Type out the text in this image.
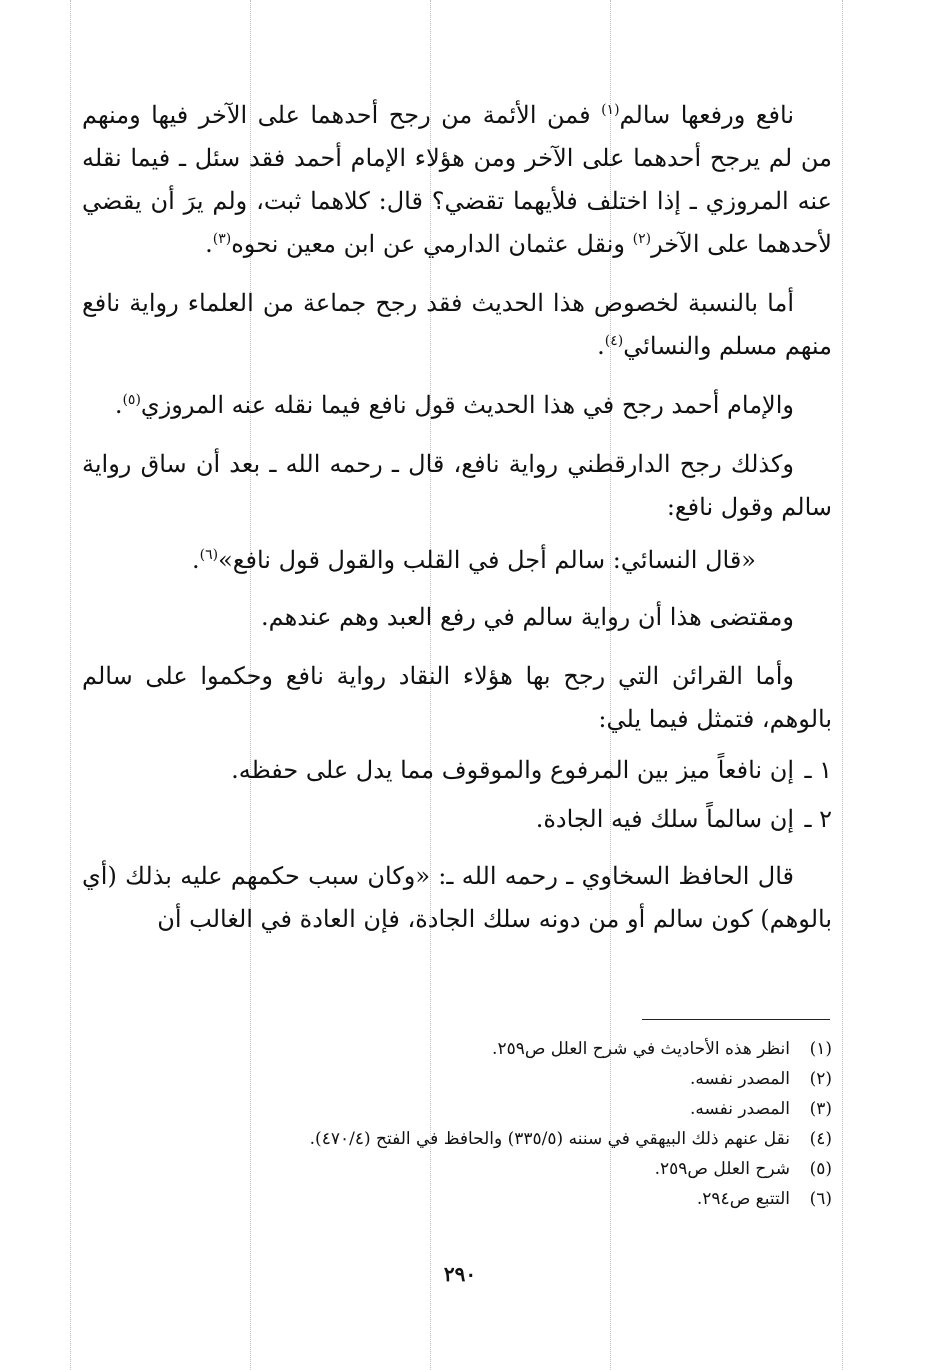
نافع ورفعها سالم$^{(١)}$ فمن الأئمة من رجح أحدهما على الآخر فيها ومنهم من لم يرجح أحدهما على الآخر ومن هؤلاء الإمام أحمد فقد سئل ـ فيما نقله عنه المروزي ـ إذا اختلف فلأيهما تقضي؟ قال: كلاهما ثبت، ولم يرَ أن يقضي لأحدهما على الآخر$^{(٢)}$ ونقل عثمان الدارمي عن ابن معين نحوه$^{(٣)}$.

أما بالنسبة لخصوص هذا الحديث فقد رجح جماعة من العلماء رواية نافع منهم مسلم والنسائي$^{(٤)}$.

والإمام أحمد رجح في هذا الحديث قول نافع فيما نقله عنه المروزي$^{(٥)}$.

وكذلك رجح الدارقطني رواية نافع، قال ـ رحمه الله ـ بعد أن ساق رواية سالم وقول نافع:

«قال النسائي: سالم أجل في القلب والقول قول نافع»$^{(٦)}$.

ومقتضى هذا أن رواية سالم في رفع العبد وهم عندهم.

وأما القرائن التي رجح بها هؤلاء النقاد رواية نافع وحكموا على سالم بالوهم، فتمثل فيما يلي:

١ ـإن نافعاً ميز بين المرفوع والموقوف مما يدل على حفظه.

٢ ـإن سالماً سلك فيه الجادة.

قال الحافظ السخاوي ـ رحمه الله ـ: «وكان سبب حكمهم عليه بذلك (أي بالوهم) كون سالم أو من دونه سلك الجادة، فإن العادة في الغالب أن

(١)انظر هذه الأحاديث في شرح العلل ص٢٥٩.

(٢)المصدر نفسه.

(٣)المصدر نفسه.

(٤)نقل عنهم ذلك البيهقي في سننه (٣٣٥/٥) والحافظ في الفتح (٤٧٠/٤).

(٥)شرح العلل ص٢٥٩.

(٦)التتبع ص٢٩٤.

٢٩٠
